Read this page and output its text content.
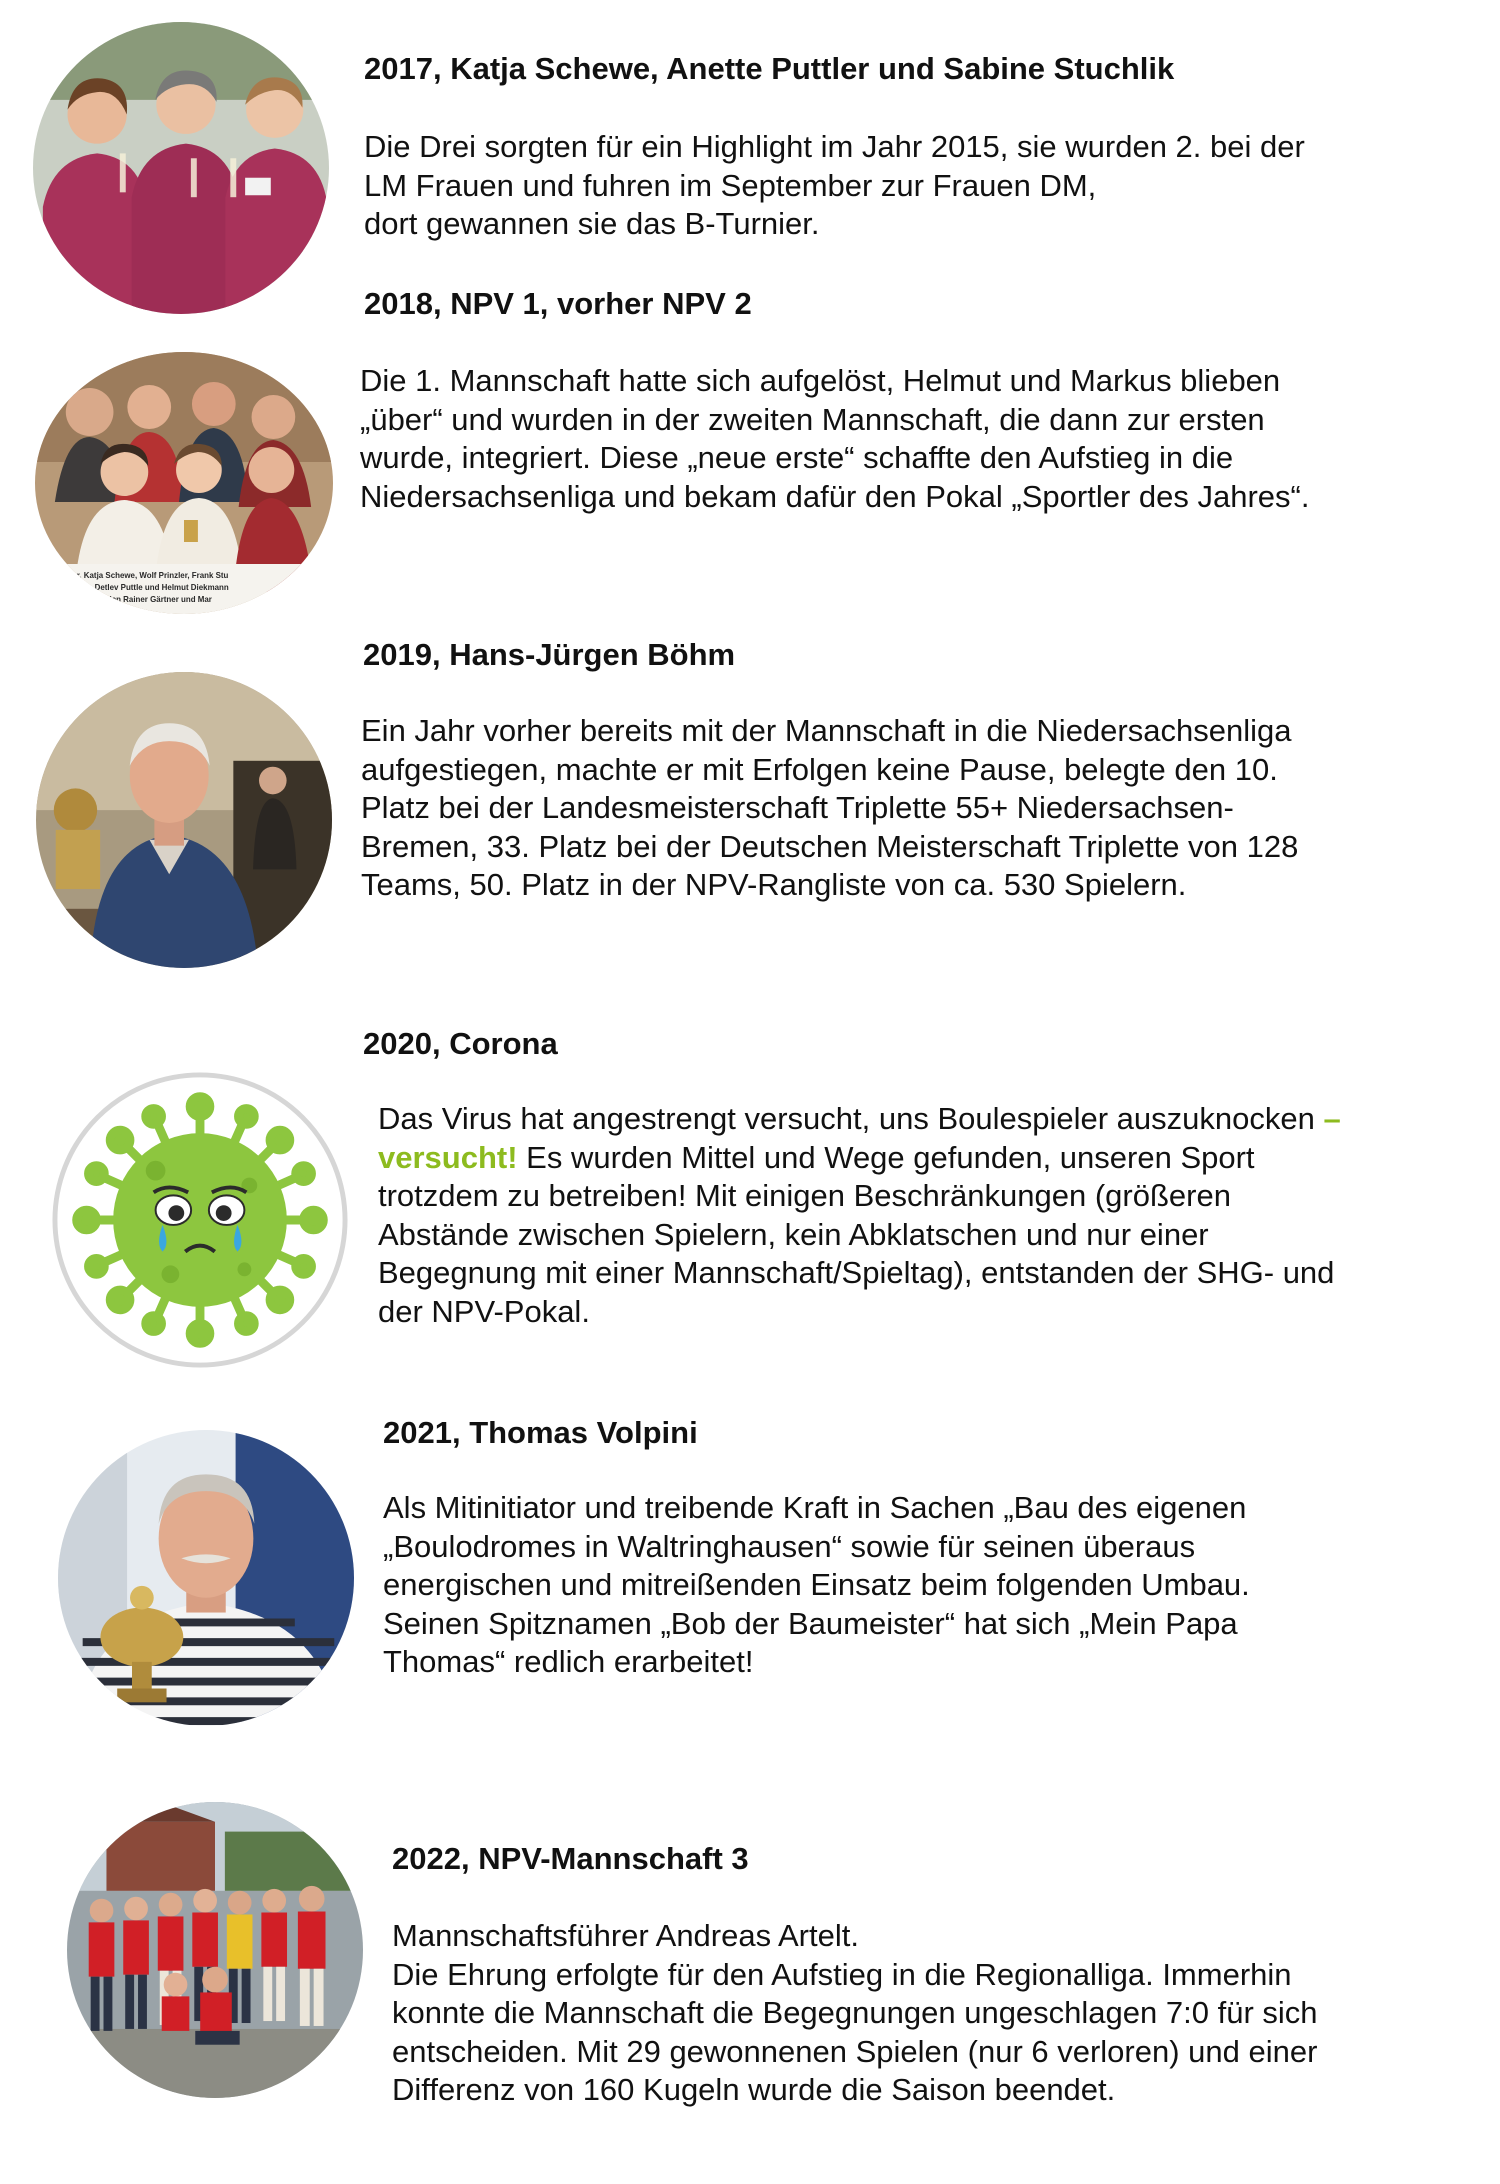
2017, Katja Schewe, Anette Puttler und Sabine Stuchlik

Die Drei sorgten für ein Highlight im Jahr 2015, sie wurden 2. bei der

LM Frauen und fuhren im September zur Frauen DM,

dort gewannen sie das B-Turnier.

2018, NPV 1, vorher NPV 2
ttler, Katja Schewe, Wolf Prinzler, Frank Stu
Detlev Puttle und Helmut Diekmann
len Rainer Gärtner und Mar

Die 1. Mannschaft hatte sich aufgelöst, Helmut und Markus blieben

„über“ und wurden in der zweiten Mannschaft, die dann zur ersten

wurde, integriert. Diese „neue erste“ schaffte den Aufstieg in die

Niedersachsenliga und bekam dafür den Pokal „Sportler des Jahres“.

2019, Hans-Jürgen Böhm

Ein Jahr vorher bereits mit der Mannschaft in die Niedersachsenliga

aufgestiegen, machte er mit Erfolgen keine Pause, belegte den 10.

Platz bei der Landesmeisterschaft Triplette 55+ Niedersachsen-

Bremen, 33. Platz bei der Deutschen Meisterschaft Triplette von 128

Teams, 50. Platz in der NPV-Rangliste von ca. 530 Spielern.

2020, Corona

Das Virus hat angestrengt versucht, uns Boulespieler auszuknocken –

versucht! Es wurden Mittel und Wege gefunden, unseren Sport

trotzdem zu betreiben! Mit einigen Beschränkungen (größeren

Abstände zwischen Spielern, kein Abklatschen und nur einer

Begegnung mit einer Mannschaft/Spieltag), entstanden der SHG- und

der NPV-Pokal.

2021, Thomas Volpini

Als Mitinitiator und treibende Kraft in Sachen „Bau des eigenen

„Boulodromes in Waltringhausen“ sowie für seinen überaus

energischen und mitreißenden Einsatz beim folgenden Umbau.

Seinen Spitznamen „Bob der Baumeister“ hat sich „Mein Papa

Thomas“ redlich erarbeitet!

2022, NPV-Mannschaft 3

Mannschaftsführer Andreas Artelt.

Die Ehrung erfolgte für den Aufstieg in die Regionalliga. Immerhin

konnte die Mannschaft die Begegnungen ungeschlagen 7:0 für sich

entscheiden. Mit 29 gewonnenen Spielen (nur 6 verloren) und einer

Differenz von 160 Kugeln wurde die Saison beendet.
